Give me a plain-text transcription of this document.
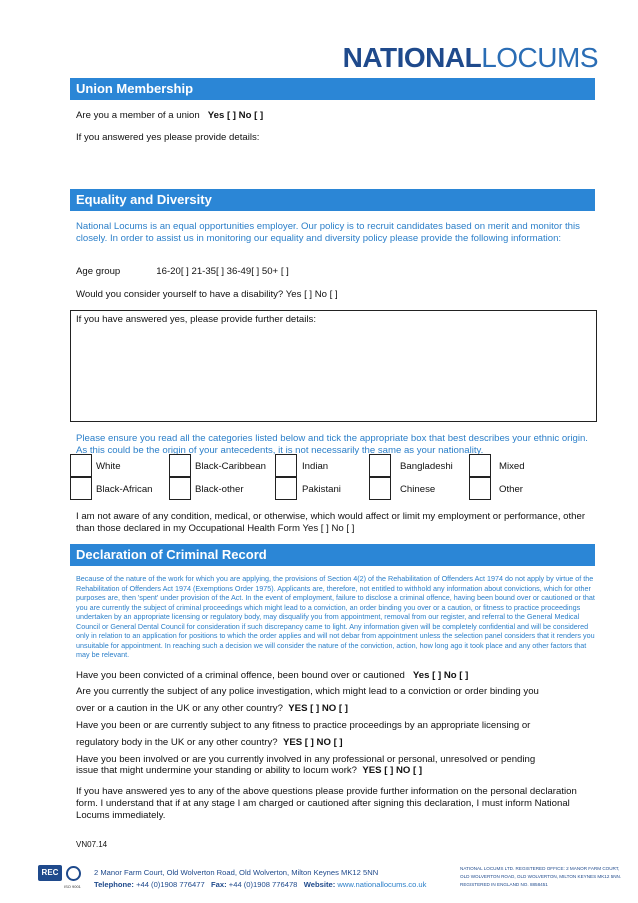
NATIONALLOCUMS
Union Membership
Are you a member of a union Yes [ ] No [ ]
If you answered yes please provide details:
Equality and Diversity
National Locums is an equal opportunities employer. Our policy is to recruit candidates based on merit and monitor this closely. In order to assist us in monitoring our equality and diversity policy please provide the following information:
Age group	16-20[ ] 21-35[ ] 36-49[ ] 50+ [ ]
Would you consider yourself to have a disability? Yes [ ] No [ ]
If you have answered yes, please provide further details:
Please ensure you read all the categories listed below and tick the appropriate box that best describes your ethnic origin. As this could be the origin of your antecedents, it is not necessarily the same as your nationality.
White	Black-Caribbean	Indian	Bangladeshi	Mixed
Black-African	Black-other	Pakistani	Chinese	Other
I am not aware of any condition, medical, or otherwise, which would affect or limit my employment or performance, other than those declared in my Occupational Health Form Yes [ ] No [ ]
Declaration of Criminal Record
Because of the nature of the work for which you are applying, the provisions of Section 4(2) of the Rehabilitation of Offenders Act 1974 do not apply by virtue of the Rehabilitation of Offenders Act 1974 (Exemptions Order 1975). Applicants are, therefore, not entitled to withhold any information about convictions, which for other purposes are, then 'spent' under provision of the Act. In the event of employment, failure to disclose a criminal offence, having been bound over or cautioned or that you are currently the subject of criminal proceedings which might lead to a conviction, an order binding you over or a caution, or fitness to practice proceedings undertaken by an appropriate licensing or regulatory body, may disqualify you from appointment, removal from our register, and referral to the General Medical Council or General Dental Council for consideration if such discrepancy came to light. Any information given will be completely confidential and will be considered only in relation to an application for positions to which the order applies and will not debar from appointment unless the selection panel considers that it renders you unsuitable for appointment. In reaching such a decision we will consider the nature of the conviction, action, how long ago it took place and any other factors that may be relevant.
Have you been convicted of a criminal offence, been bound over or cautioned Yes [ ] No [ ]
Are you currently the subject of any police investigation, which might lead to a conviction or order binding you
over or a caution in the UK or any other country? YES [ ] NO [ ]
Have you been or are currently subject to any fitness to practice proceedings by an appropriate licensing or
regulatory body in the UK or any other country? YES [ ] NO [ ]
Have you been involved or are you currently involved in any professional or personal, unresolved or pending
issue that might undermine your standing or ability to locum work? YES [ ] NO [ ]
If you have answered yes to any of the above questions please provide further information on the personal declaration form. I understand that if at any stage I am charged or cautioned after signing this declaration, I must inform National Locums immediately.
VN07.14
REC
ISO 9001
2 Manor Farm Court, Old Wolverton Road, Old Wolverton, Milton Keynes MK12 5NN
Telephone: +44 (0)1908 776477 Fax: +44 (0)1908 776478 Website: www.nationallocums.co.uk
NATIONAL LOCUMS LTD. REGISTERED OFFICE: 2 MANOR FARM COURT,
OLD WOLVERTON ROAD, OLD WOLVERTON, MILTON KEYNES MK12 5NN.
REGISTERED IN ENGLAND NO. 8858451
